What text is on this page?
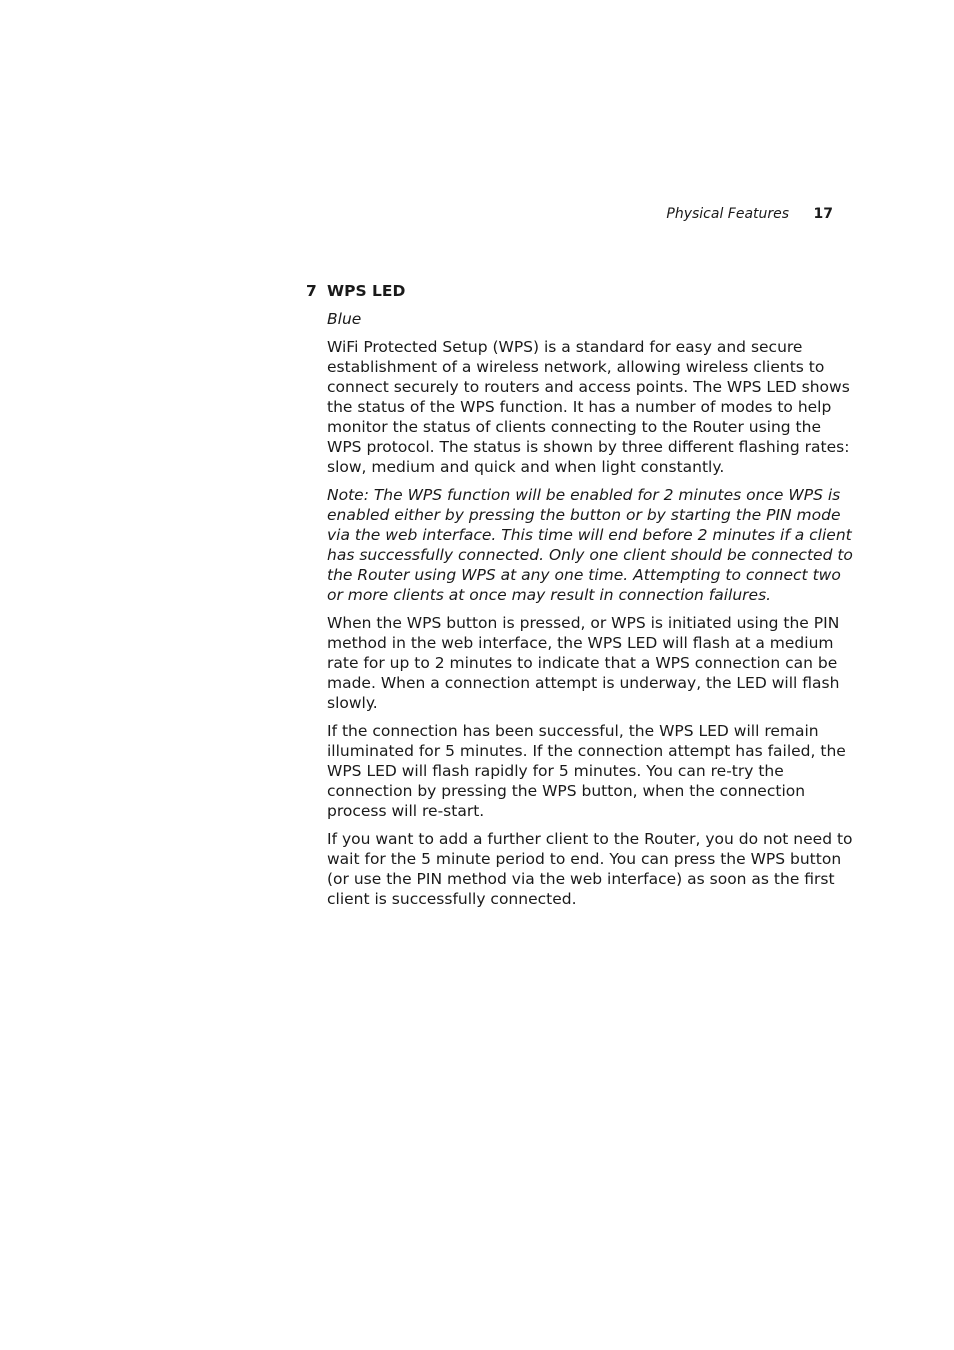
Physical Features 17
7 WPS LED

Blue

WiFi Protected Setup (WPS) is a standard for easy and secure establishment of a wireless network, allowing wireless clients to connect securely to routers and access points. The WPS LED shows the status of the WPS function. It has a number of modes to help monitor the status of clients connecting to the Router using the WPS protocol. The status is shown by three different flashing rates: slow, medium and quick and when light constantly.

Note: The WPS function will be enabled for 2 minutes once WPS is enabled either by pressing the button or by starting the PIN mode via the web interface. This time will end before 2 minutes if a client has successfully connected. Only one client should be connected to the Router using WPS at any one time. Attempting to connect two or more clients at once may result in connection failures.

When the WPS button is pressed, or WPS is initiated using the PIN method in the web interface, the WPS LED will flash at a medium rate for up to 2 minutes to indicate that a WPS connection can be made. When a connection attempt is underway, the LED will flash slowly.

If the connection has been successful, the WPS LED will remain illuminated for 5 minutes. If the connection attempt has failed, the WPS LED will flash rapidly for 5 minutes. You can re-try the connection by pressing the WPS button, when the connection process will re-start.

If you want to add a further client to the Router, you do not need to wait for the 5 minute period to end. You can press the WPS button (or use the PIN method via the web interface) as soon as the first client is successfully connected.
